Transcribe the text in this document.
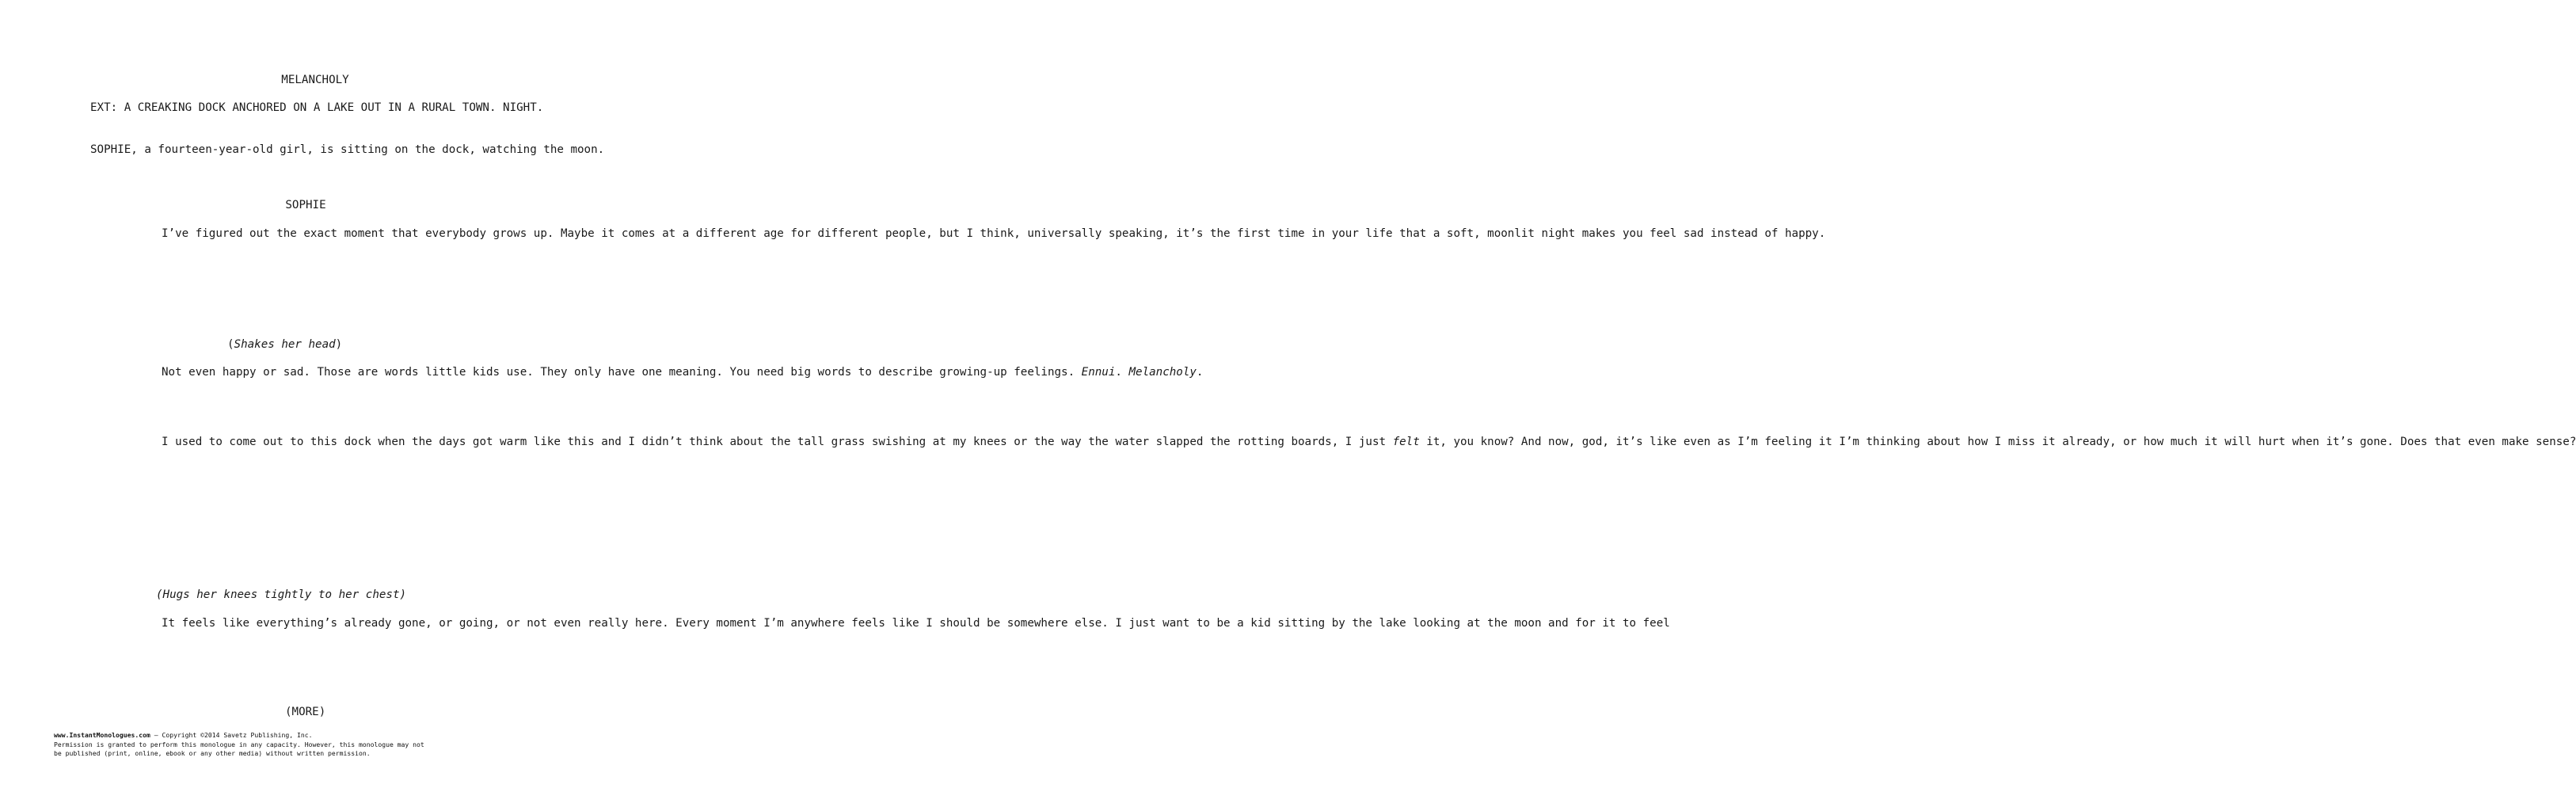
MELANCHOLY
EXT: A CREAKING DOCK ANCHORED ON A LAKE OUT IN A RURAL TOWN. NIGHT.
SOPHIE, a fourteen-year-old girl, is sitting on the dock, watching the moon.
SOPHIE
I’ve figured out the exact moment that everybody grows up. Maybe it comes at a different age for different people, but I think, universally speaking, it’s the first time in your life that a soft, moonlit night makes you feel sad instead of happy.
(Shakes her head)
Not even happy or sad. Those are words little kids use. They only have one meaning. You need big words to describe growing-up feelings. Ennui. Melancholy.
I used to come out to this dock when the days got warm like this and I didn’t think about the tall grass swishing at my knees or the way the water slapped the rotting boards, I just felt it, you know? And now, god, it’s like even as I’m feeling it I’m thinking about how I miss it already, or how much it will hurt when it’s gone. Does that even make sense?
(Hugs her knees tightly to her chest)
It feels like everything’s already gone, or going, or not even really here. Every moment I’m anywhere feels like I should be somewhere else. I just want to be a kid sitting by the lake looking at the moon and for it to feel
(MORE)
www.InstantMonologues.com – Copyright ©2014 Savetz Publishing, Inc.
Permission is granted to perform this monologue in any capacity. However, this monologue may not
be published (print, online, ebook or any other media) without written permission.
